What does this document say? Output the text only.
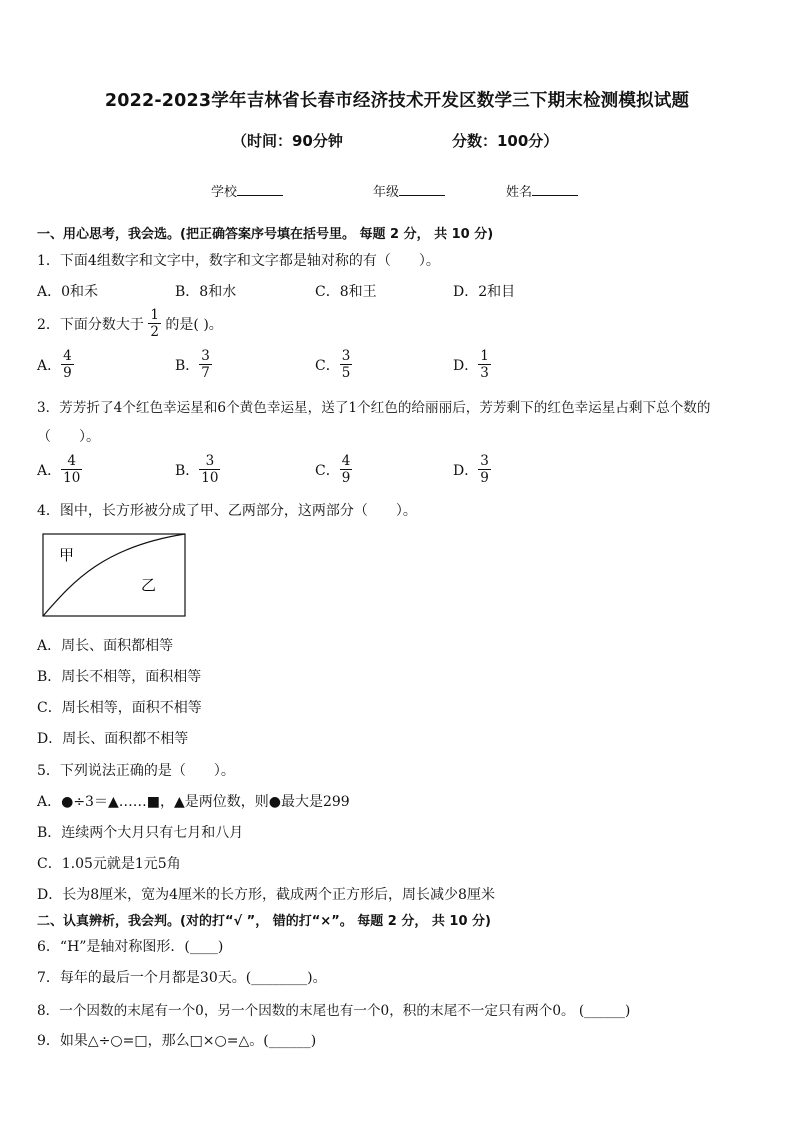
2022-2023学年吉林省长春市经济技术开发区数学三下期末检测模拟试题
（时间：90分钟	分数：100分）
学校	年级	姓名
一、用心思考，我会选。(把正确答案序号填在括号里。 每题 2 分， 共 10 分)
1．下面4组数字和文字中，数字和文字都是轴对称的有（　　）。
A．0和禾	B．8和水	C．8和王	D．2和目
2．下面分数大于 $\frac{1}{2}$ 的是( )。
A． $\frac{4}{9}$	B． $\frac{3}{7}$	C． $\frac{3}{5}$	D． $\frac{1}{3}$
3．芳芳折了4个红色幸运星和6个黄色幸运星，送了1个红色的给丽丽后，芳芳剩下的红色幸运星占剩下总个数的
（　　）。
A． $\frac{4}{10}$	B． $\frac{3}{10}$	C． $\frac{4}{9}$	D． $\frac{3}{9}$
4．图中，长方形被分成了甲、乙两部分，这两部分（　　）。
甲
乙
A．周长、面积都相等
B．周长不相等，面积相等
C．周长相等，面积不相等
D．周长、面积都不相等
5．下列说法正确的是（　　）。
A．●÷3＝▲……■，▲是两位数，则●最大是299
B．连续两个大月只有七月和八月
C．1.05元就是1元5角
D．长为8厘米，宽为4厘米的长方形，截成两个正方形后，周长减少8厘米
二、认真辨析，我会判。(对的打“√ ”， 错的打“×”。 每题 2 分， 共 10 分)
6．“H”是轴对称图形．(____)
7．每年的最后一个月都是30天。(________)。
8．一个因数的末尾有一个0，另一个因数的末尾也有一个0，积的末尾不一定只有两个0。 (______)
9．如果△÷○=□，那么□×○=△。(______)
